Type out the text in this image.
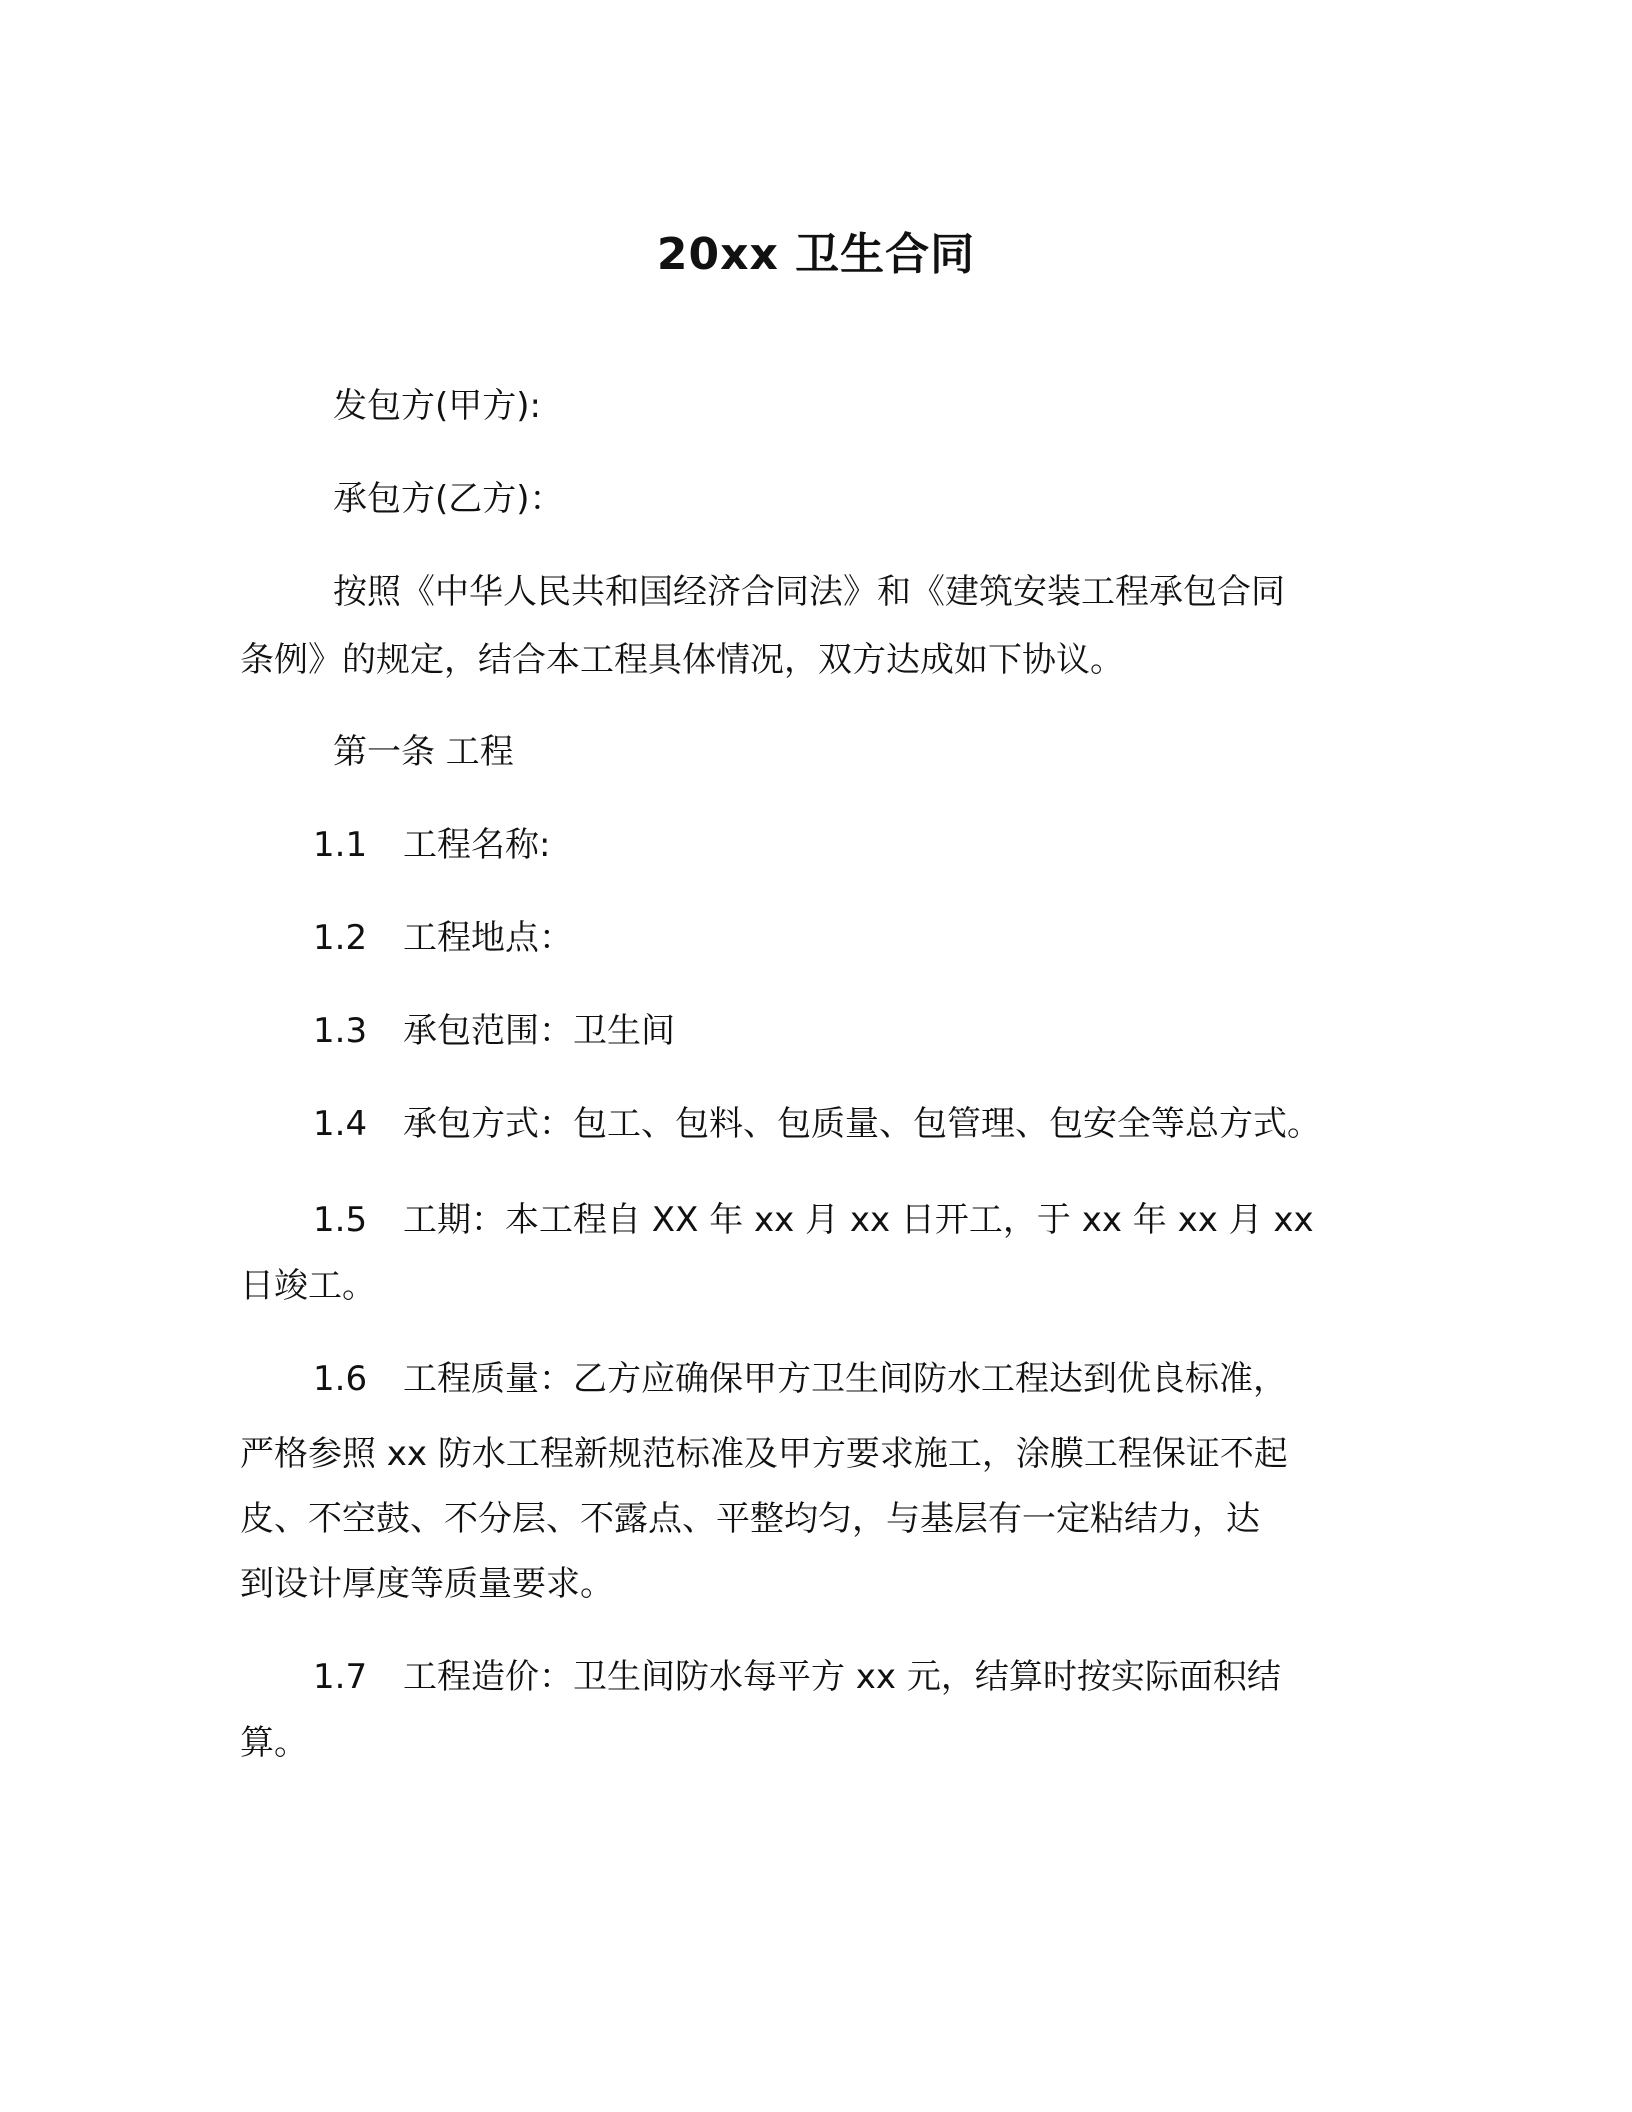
20xx 卫生合同
发包方(甲方):
承包方(乙方)：
按照《中华人民共和国经济合同法》和《建筑安装工程承包合同
条例》的规定，结合本工程具体情况，双方达成如下协议。
第一条 工程
1.1 工程名称:
1.2 工程地点：
1.3 承包范围：卫生间
1.4 承包方式：包工、包料、包质量、包管理、包安全等总方式。
1.5 工期：本工程自 XX 年 xx 月 xx 日开工，于 xx 年 xx 月 xx
日竣工。
1.6 工程质量：乙方应确保甲方卫生间防水工程达到优良标准，
严格参照 xx 防水工程新规范标准及甲方要求施工，涂膜工程保证不起
皮、不空鼓、不分层、不露点、平整均匀，与基层有一定粘结力，达
到设计厚度等质量要求。
1.7 工程造价：卫生间防水每平方 xx 元，结算时按实际面积结
算。
